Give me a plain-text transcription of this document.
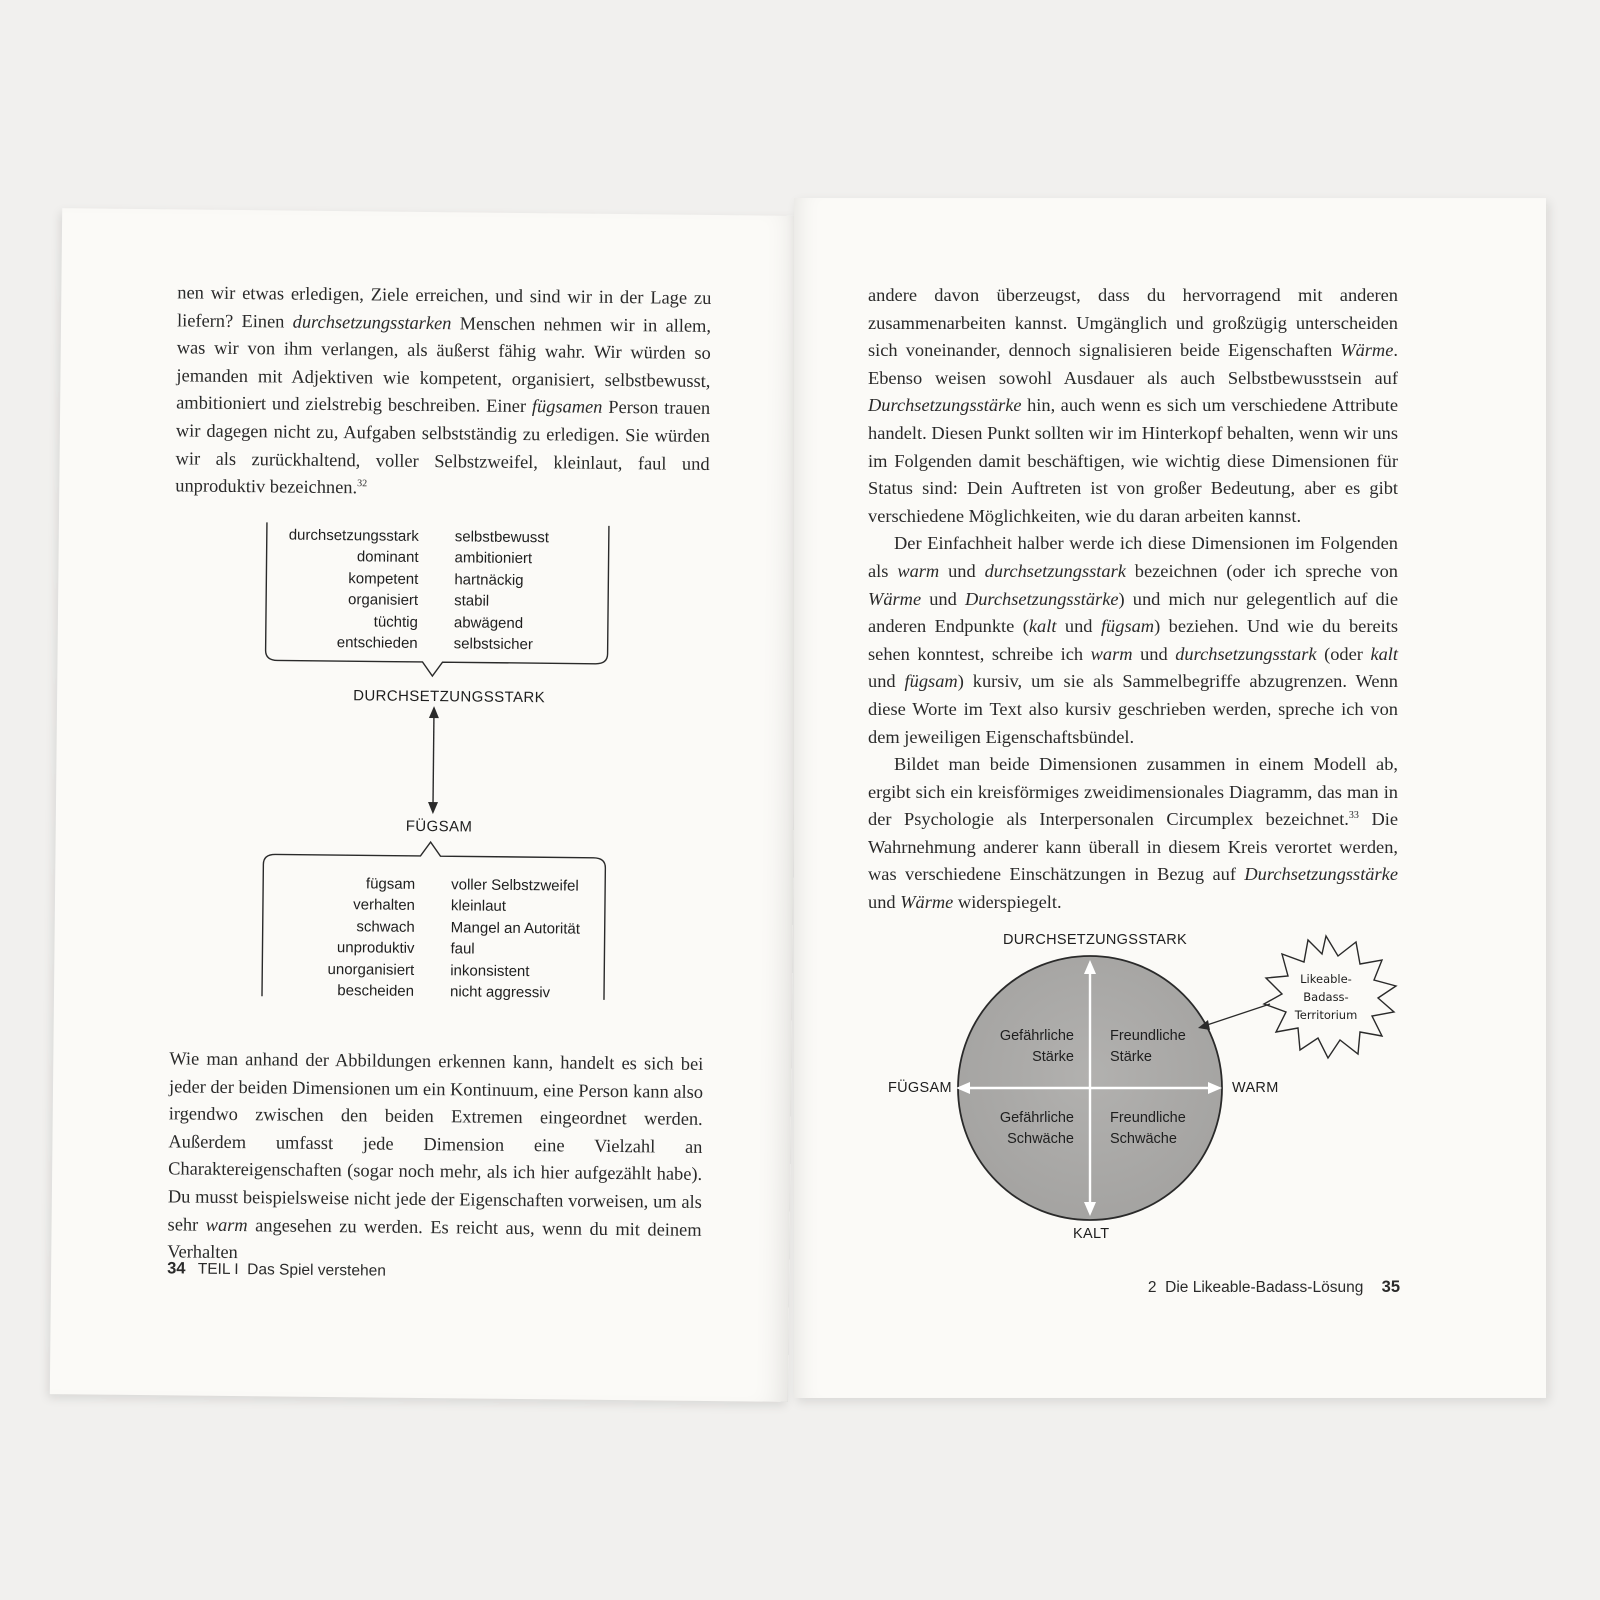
nen wir etwas erledigen, Ziele erreichen, und sind wir in der Lage zu liefern? Einen durchsetzungsstarken Menschen nehmen wir in allem, was wir von ihm verlangen, als äußerst fähig wahr. Wir würden so jemanden mit Adjektiven wie kompetent, organisiert, selbstbewusst, ambitioniert und zielstrebig beschreiben. Einer fügsamen Person trauen wir dagegen nicht zu, Aufgaben selbstständig zu erledigen. Sie würden wir als zurückhaltend, voller Selbstzweifel, kleinlaut, faul und unproduktiv bezeichnen.$^{32}$
durchsetzungsstark
dominant
kompetent
organisiert
tüchtig
entschieden
selbstbewusst
ambitioniert
hartnäckig
stabil
abwägend
selbstsicher
DURCHSETZUNGSSTARK
FÜGSAM
fügsam
verhalten
schwach
unproduktiv
unorganisiert
bescheiden
voller Selbstzweifel
kleinlaut
Mangel an Autorität
faul
inkonsistent
nicht aggressiv
Wie man anhand der Abbildungen erkennen kann, handelt es sich bei jeder der beiden Dimensionen um ein Kontinuum, eine Person kann also irgendwo zwischen den beiden Extremen eingeordnet werden. Außerdem umfasst jede Dimension eine Vielzahl an Charaktereigenschaften (sogar noch mehr, als ich hier aufgezählt habe). Du musst beispielsweise nicht jede der Eigenschaften vorweisen, um als sehr warm angesehen zu werden. Es reicht aus, wenn du mit deinem Verhalten
34 TEIL I  Das Spiel verstehen

andere davon überzeugst, dass du hervorragend mit anderen zusammenarbeiten kannst. Umgänglich und großzügig unterscheiden sich voneinander, dennoch signalisieren beide Eigenschaften Wärme. Ebenso weisen sowohl Ausdauer als auch Selbstbewusstsein auf Durchsetzungsstärke hin, auch wenn es sich um verschiedene Attribute handelt. Diesen Punkt sollten wir im Hinterkopf behalten, wenn wir uns im Folgenden damit beschäftigen, wie wichtig diese Dimensionen für Status sind: Dein Auftreten ist von großer Bedeutung, aber es gibt verschiedene Möglichkeiten, wie du daran arbeiten kannst.

Der Einfachheit halber werde ich diese Dimensionen im Folgenden als warm und durchsetzungsstark bezeichnen (oder ich spreche von Wärme und Durchsetzungsstärke) und mich nur gelegentlich auf die anderen Endpunkte (kalt und fügsam) beziehen. Und wie du bereits sehen konntest, schreibe ich warm und durchsetzungsstark (oder kalt und fügsam) kursiv, um sie als Sammelbegriffe abzugrenzen. Wenn diese Worte im Text also kursiv geschrieben werden, spreche ich von dem jeweiligen Eigenschaftsbündel.

Bildet man beide Dimensionen zusammen in einem Modell ab, ergibt sich ein kreisförmiges zweidimensionales Diagramm, das man in der Psychologie als Interpersonalen Circumplex bezeichnet.$^{33}$ Die Wahrnehmung anderer kann überall in diesem Kreis verortet werden, was verschiedene Einschätzungen in Bezug auf Durchsetzungsstärke und Wärme widerspiegelt.

DURCHSETZUNGSSTARK
FÜGSAM	WARM
KALT
Gefährliche
Stärke
Freundliche
Stärke
Gefährliche
Schwäche
Freundliche
Schwäche
Likeable-
Badass-
Territorium
2  Die Likeable-Badass-Lösung 35
